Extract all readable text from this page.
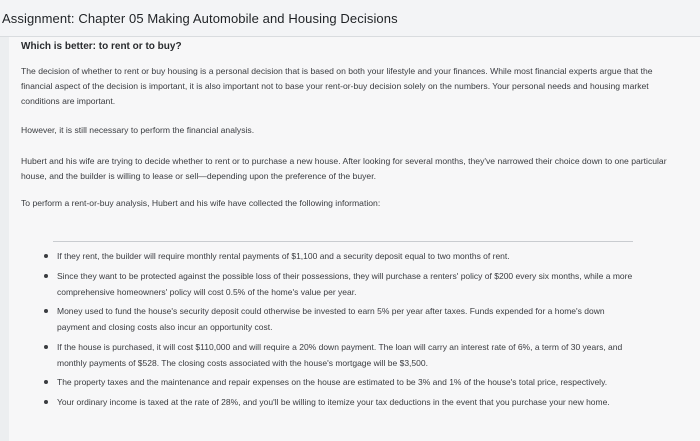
Assignment: Chapter 05 Making Automobile and Housing Decisions
Which is better: to rent or to buy?
The decision of whether to rent or buy housing is a personal decision that is based on both your lifestyle and your finances. While most financial experts argue that the financial aspect of the decision is important, it is also important not to base your rent-or-buy decision solely on the numbers. Your personal needs and housing market conditions are important.
However, it is still necessary to perform the financial analysis.
Hubert and his wife are trying to decide whether to rent or to purchase a new house. After looking for several months, they've narrowed their choice down to one particular house, and the builder is willing to lease or sell—depending upon the preference of the buyer.
To perform a rent-or-buy analysis, Hubert and his wife have collected the following information:
If they rent, the builder will require monthly rental payments of $1,100 and a security deposit equal to two months of rent.
Since they want to be protected against the possible loss of their possessions, they will purchase a renters' policy of $200 every six months, while a more comprehensive homeowners' policy will cost 0.5% of the home's value per year.
Money used to fund the house's security deposit could otherwise be invested to earn 5% per year after taxes. Funds expended for a home's down payment and closing costs also incur an opportunity cost.
If the house is purchased, it will cost $110,000 and will require a 20% down payment. The loan will carry an interest rate of 6%, a term of 30 years, and monthly payments of $528. The closing costs associated with the house's mortgage will be $3,500.
The property taxes and the maintenance and repair expenses on the house are estimated to be 3% and 1% of the house's total price, respectively.
Your ordinary income is taxed at the rate of 28%, and you'll be willing to itemize your tax deductions in the event that you purchase your new home.
